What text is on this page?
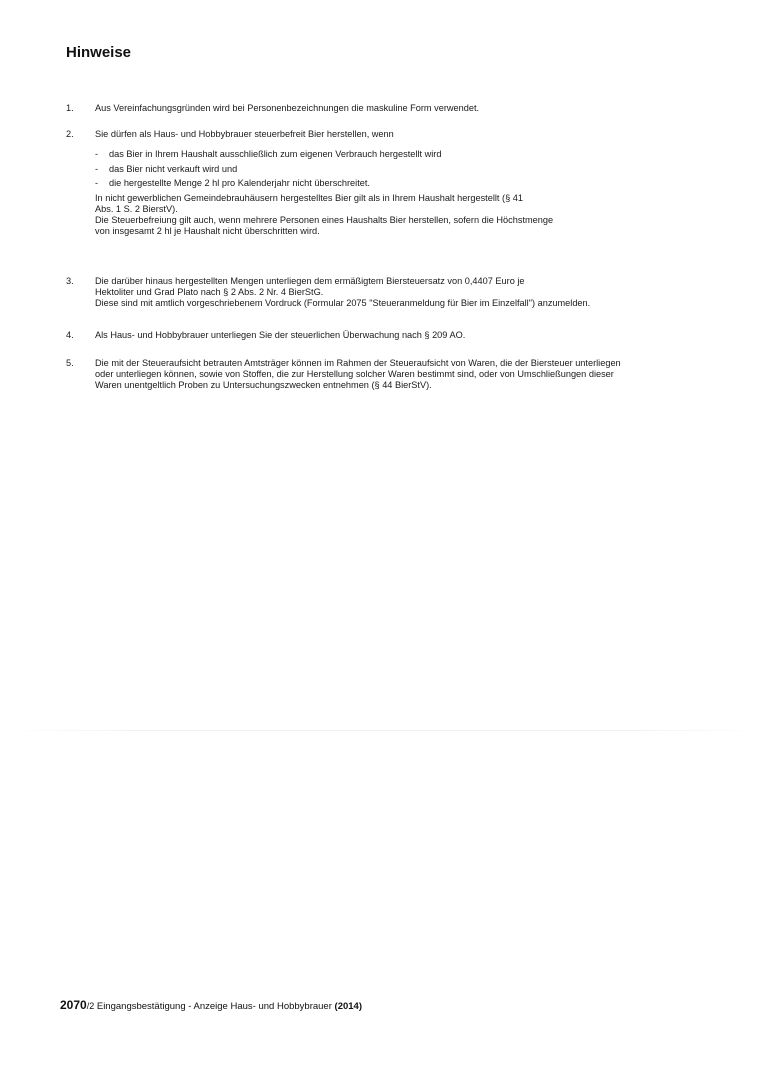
Hinweise
1. Aus Vereinfachungsgründen wird bei Personenbezeichnungen die maskuline Form verwendet.

2. Sie dürfen als Haus- und Hobbybrauer steuerbefreit Bier herstellen, wenn

- das Bier in Ihrem Haushalt ausschließlich zum eigenen Verbrauch hergestellt wird
- das Bier nicht verkauft wird und
- die hergestellte Menge 2 hl pro Kalenderjahr nicht überschreitet.

In nicht gewerblichen Gemeindebrauhäusern hergestelltes Bier gilt als in Ihrem Haushalt hergestellt (§ 41 Abs. 1 S. 2 BierstV).

Die Steuerbefreiung gilt auch, wenn mehrere Personen eines Haushalts Bier herstellen, sofern die Höchstmenge von insgesamt 2 hl je Haushalt nicht überschritten wird.

3. Die darüber hinaus hergestellten Mengen unterliegen dem ermäßigtem Biersteuersatz von 0,4407 Euro je Hektoliter und Grad Plato nach § 2 Abs. 2 Nr. 4 BierStG.

Diese sind mit amtlich vorgeschriebenem Vordruck (Formular 2075 "Steueranmeldung für Bier im Einzelfall") anzumelden.

4. Als Haus- und Hobbybrauer unterliegen Sie der steuerlichen Überwachung nach § 209 AO.

5. Die mit der Steueraufsicht betrauten Amtsträger können im Rahmen der Steueraufsicht von Waren, die der Biersteuer unterliegen oder unterliegen können, sowie von Stoffen, die zur Herstellung solcher Waren bestimmt sind, oder von Umschließungen dieser Waren unentgeltlich Proben zu Untersuchungszwecken entnehmen (§ 44 BierStV).

2070/2 Eingangsbestätigung - Anzeige Haus- und Hobbybrauer (2014)
